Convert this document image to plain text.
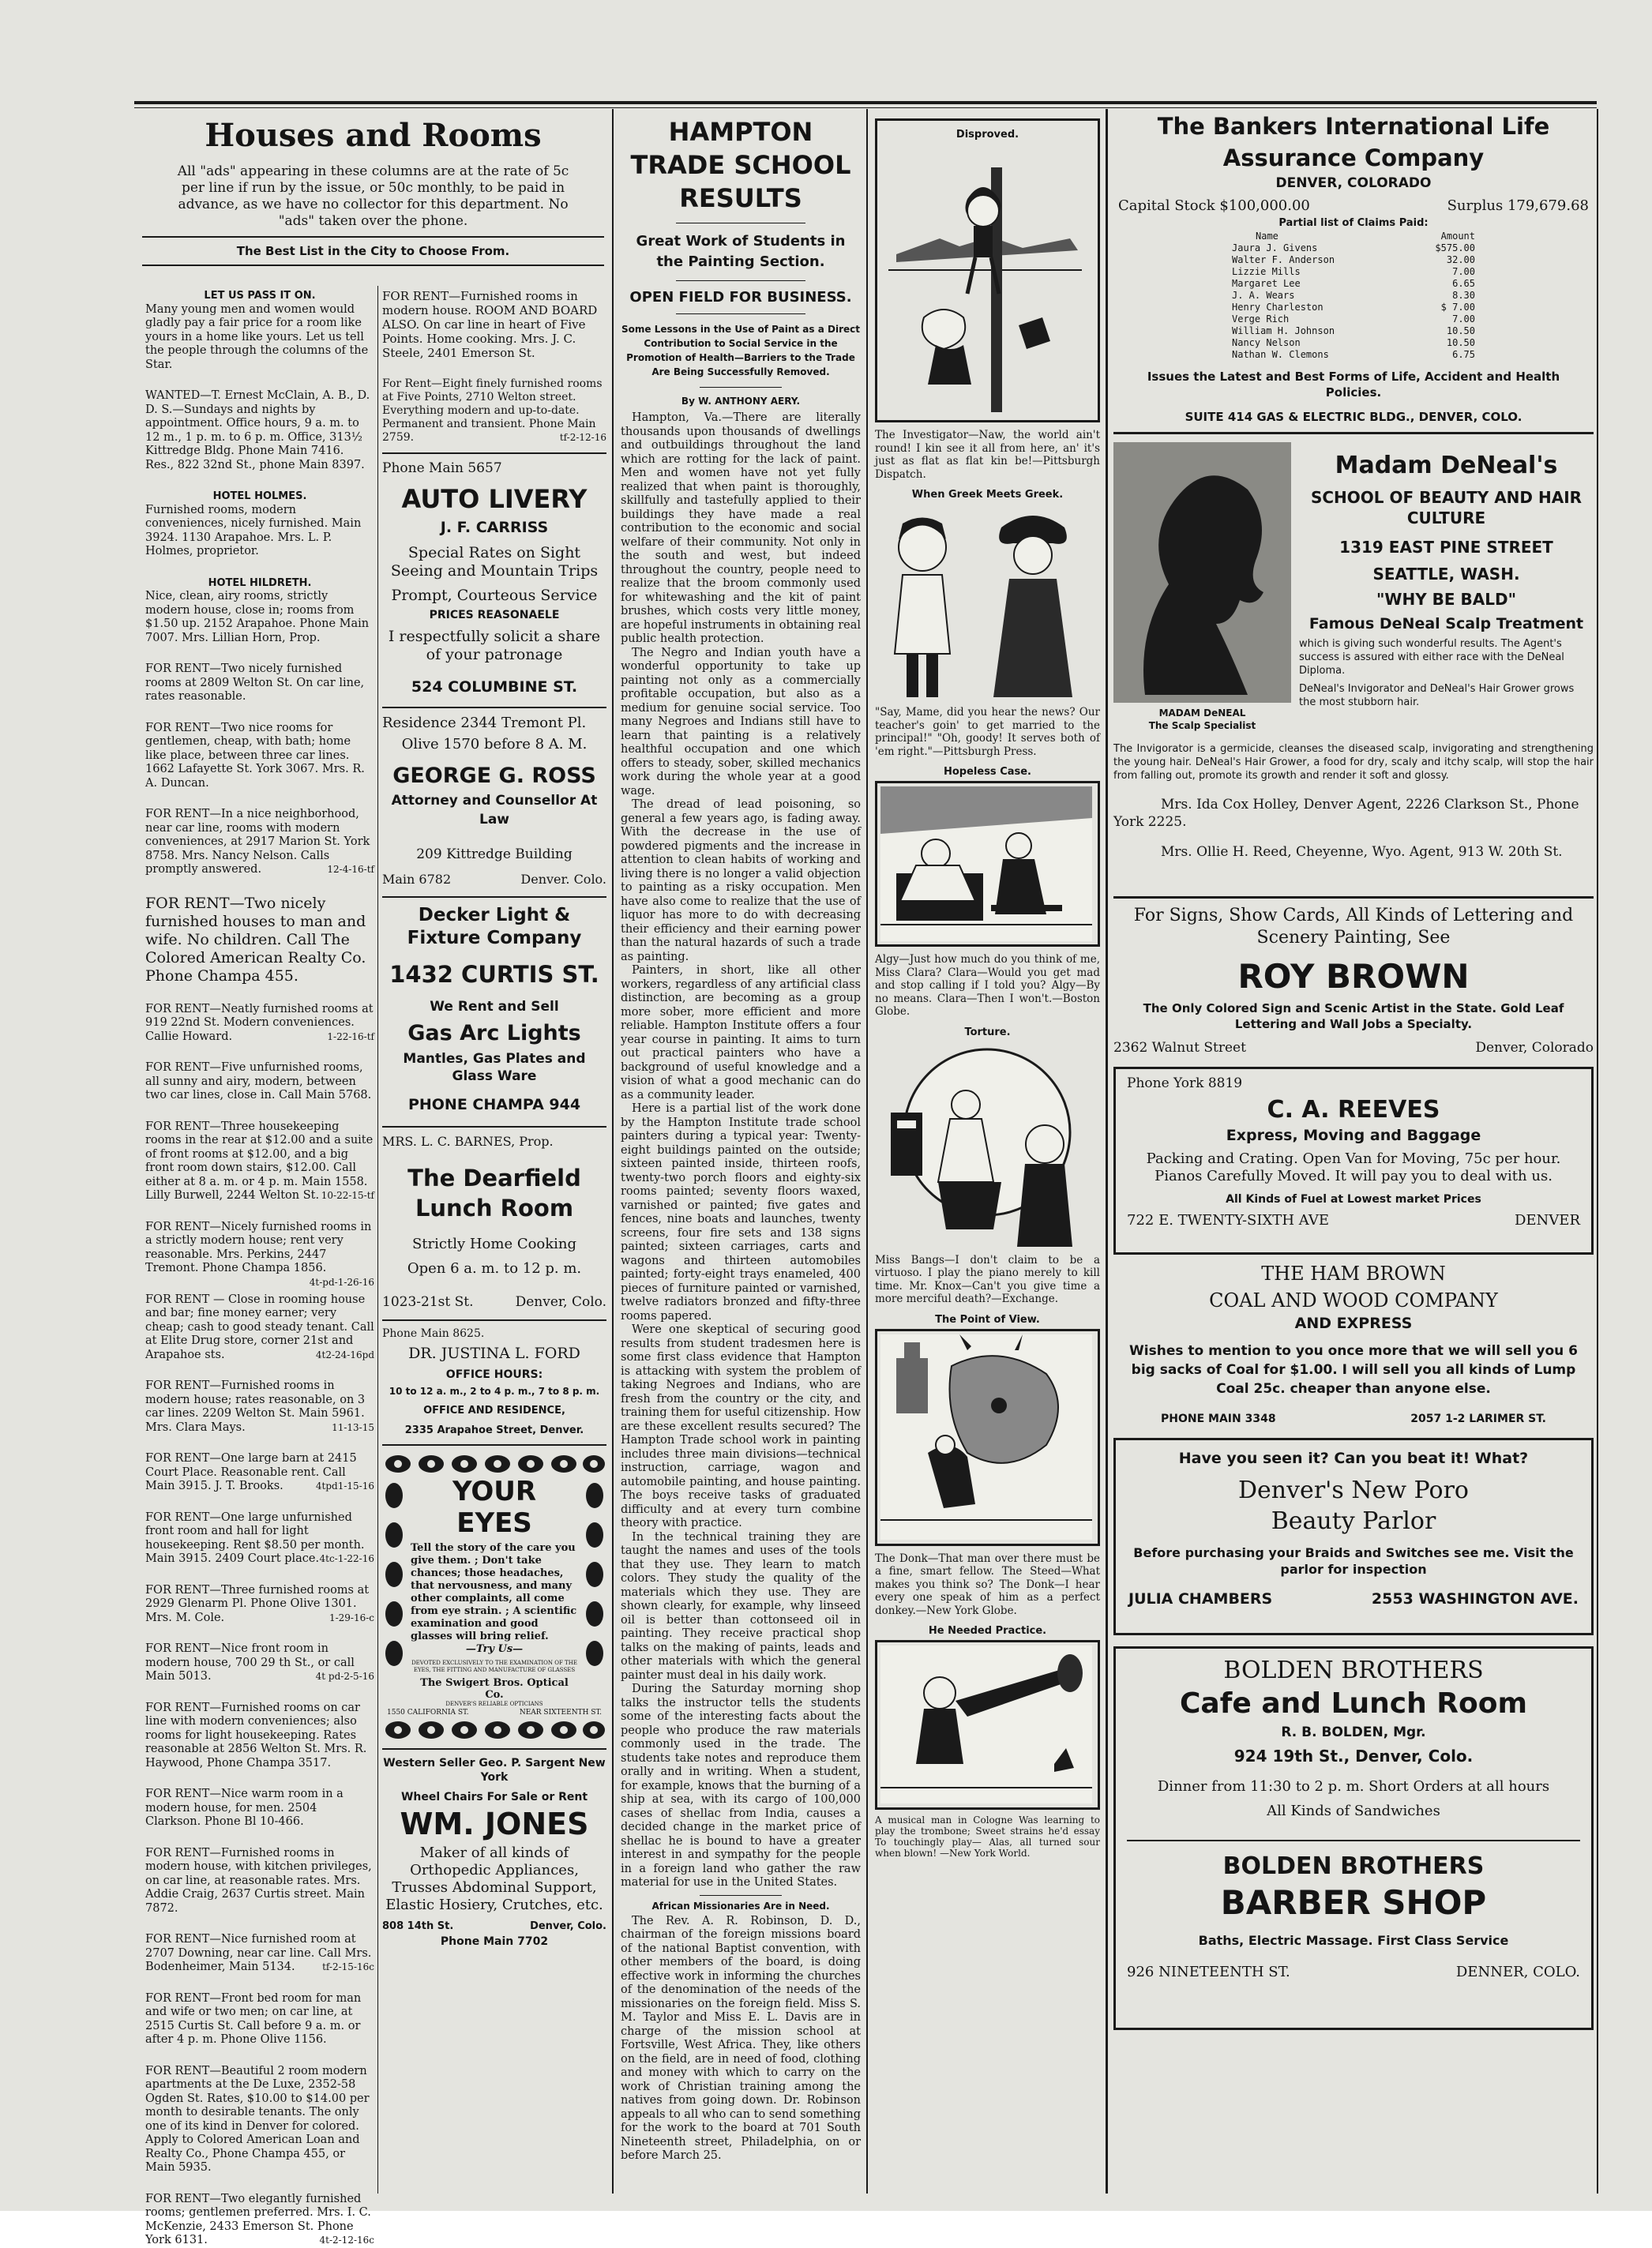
Houses and Rooms

All "ads" appearing in these columns are at the rate of 5c per line if run by the issue, or 50c monthly, to be paid in advance, as we have no collector for this department. No "ads" taken over the phone.

The Best List in the City to Choose From.
LET US PASS IT ON.
Many young men and women would gladly pay a fair price for a room like yours in a home like yours. Let us tell the people through the columns of the Star.
WANTED—T. Ernest McClain, A. B., D. D. S.—Sundays and nights by appointment. Office hours, 9 a. m. to 12 m., 1 p. m. to 6 p. m. Office, 313½ Kittredge Bldg. Phone Main 7416. Res., 822 32nd St., phone Main 8397.
HOTEL HOLMES.
Furnished rooms, modern conveniences, nicely furnished. Main 3924. 1130 Arapahoe. Mrs. L. P. Holmes, proprietor.
HOTEL HILDRETH.
Nice, clean, airy rooms, strictly modern house, close in; rooms from $1.50 up. 2152 Arapahoe. Phone Main 7007. Mrs. Lillian Horn, Prop.
FOR RENT—Two nicely furnished rooms at 2809 Welton St. On car line, rates reasonable.
FOR RENT—Two nice rooms for gentlemen, cheap, with bath; home like place, between three car lines. 1662 Lafayette St. York 3067. Mrs. R. A. Duncan.
FOR RENT—In a nice neighborhood, near car line, rooms with modern conveniences, at 2917 Marion St. York 8758. Mrs. Nancy Nelson. Calls promptly answered.	12-4-16-tf
FOR RENT—Two nicely furnished houses to man and wife. No children. Call The Colored American Realty Co. Phone Champa 455.
FOR RENT—Neatly furnished rooms at 919 22nd St. Modern conveniences. Callie Howard.	1-22-16-tf
FOR RENT—Five unfurnished rooms, all sunny and airy, modern, between two car lines, close in. Call Main 5768.
FOR RENT—Three housekeeping rooms in the rear at $12.00 and a suite of front rooms at $12.00, and a big front room down stairs, $12.00. Call either at 8 a. m. or 4 p. m. Main 1558. Lilly Burwell, 2244 Welton St. 10-22-15-tf
FOR RENT—Nicely furnished rooms in a strictly modern house; rent very reasonable. Mrs. Perkins, 2447 Tremont. Phone Champa 1856.
4t-pd-1-26-16
FOR RENT — Close in rooming house and bar; fine money earner; very cheap; cash to good steady tenant. Call at Elite Drug store, corner 21st and Arapahoe sts.	4t2-24-16pd
FOR RENT—Furnished rooms in modern house; rates reasonable, on 3 car lines. 2209 Welton St. Main 5961. Mrs. Clara Mays.	11-13-15
FOR RENT—One large barn at 2415 Court Place. Reasonable rent. Call Main 3915. J. T. Brooks.	4tpd1-15-16
FOR RENT—One large unfurnished front room and hall for light housekeeping. Rent $8.50 per month. Main 3915. 2409 Court place. 4tc-1-22-16
FOR RENT—Three furnished rooms at 2929 Glenarm Pl. Phone Olive 1301. Mrs. M. Cole.	1-29-16-c
FOR RENT—Nice front room in modern house, 700 29 th St., or call Main 5013.	4t pd-2-5-16
FOR RENT—Furnished rooms on car line with modern conveniences; also rooms for light housekeeping. Rates reasonable at 2856 Welton St. Mrs. R. Haywood, Phone Champa 3517.
FOR RENT—Nice warm room in a modern house, for men. 2504 Clarkson. Phone Bl 10-466.
FOR RENT—Furnished rooms in modern house, with kitchen privileges, on car line, at reasonable rates. Mrs. Addie Craig, 2637 Curtis street. Main 7872.
FOR RENT—Nice furnished room at 2707 Downing, near car line. Call Mrs. Bodenheimer, Main 5134.	tf-2-15-16c
FOR RENT—Front bed room for man and wife or two men; on car line, at 2515 Curtis St. Call before 9 a. m. or after 4 p. m. Phone Olive 1156.
FOR RENT—Beautiful 2 room modern apartments at the De Luxe, 2352-58 Ogden St. Rates, $10.00 to $14.00 per month to desirable tenants. The only one of its kind in Denver for colored. Apply to Colored American Loan and Realty Co., Phone Champa 455, or Main 5935.
FOR RENT—Two elegantly furnished rooms; gentlemen preferred. Mrs. I. C. McKenzie, 2433 Emerson St. Phone York 6131.	4t-2-12-16c
FOR RENT—Furnished rooms in modern house. ROOM AND BOARD ALSO. On car line in heart of Five Points. Home cooking. Mrs. J. C. Steele, 2401 Emerson St.
For Rent—Eight finely furnished rooms at Five Points, 2710 Welton street. Everything modern and up-to-date. Permanent and transient. Phone Main 2759.	tf-2-12-16
Phone Main 5657
AUTO LIVERY
J. F. CARRISS
Special Rates on Sight Seeing and Mountain Trips
Prompt, Courteous Service
PRICES REASONAELE
I respectfully solicit a share of your patronage
524 COLUMBINE ST.
Residence 2344 Tremont Pl.
Olive 1570 before 8 A. M.
GEORGE G. ROSS
Attorney and Counsellor At Law
209 Kittredge Building
Main 6782	Denver. Colo.
Decker Light & Fixture Company
1432 CURTIS ST.
We Rent and Sell
Gas Arc Lights
Mantles, Gas Plates and Glass Ware
PHONE CHAMPA 944
MRS. L. C. BARNES, Prop.
The Dearfield Lunch Room
Strictly Home Cooking
Open 6 a. m. to 12 p. m.
1023-21st St.	Denver, Colo.
Phone Main 8625.
DR. JUSTINA L. FORD
OFFICE HOURS:
10 to 12 a. m., 2 to 4 p. m., 7 to 8 p. m.
OFFICE AND RESIDENCE,
2335 Arapahoe Street, Denver.
YOUR EYES
Tell the story of the care you give them. ; Don't take chances; those headaches, that nervousness, and many other complaints, all come from eye strain. ; A scientific examination and good glasses will bring relief.
—Try Us—
DEVOTED EXCLUSIVELY TO THE EXAMINATION OF THE EYES, THE FITTING AND MANUFACTURE OF GLASSES
The Swigert Bros. Optical Co.
DENVER'S RELIABLE OPTICIANS
1550 CALIFORNIA ST.	NEAR SIXTEENTH ST.
Western Seller Geo. P. Sargent New York
Wheel Chairs For Sale or Rent
WM. JONES
Maker of all kinds of Orthopedic Appliances, Trusses Abdominal Support, Elastic Hosiery, Crutches, etc.
808 14th St.	Denver, Colo.
Phone Main 7702
HAMPTON TRADE SCHOOL RESULTS
Great Work of Students in the Painting Section.
OPEN FIELD FOR BUSINESS.
Some Lessons in the Use of Paint as a Direct Contribution to Social Service in the Promotion of Health—Barriers to the Trade Are Being Successfully Removed.
By W. ANTHONY AERY.

Hampton, Va.—There are literally thousands upon thousands of dwellings and outbuildings throughout the land which are rotting for the lack of paint. Men and women have not yet fully realized that when paint is thoroughly, skillfully and tastefully applied to their buildings they have made a real contribution to the economic and social welfare of their community. Not only in the south and west, but indeed throughout the country, people need to realize that the broom commonly used for whitewashing and the kit of paint brushes, which costs very little money, are hopeful instruments in obtaining real public health protection.

The Negro and Indian youth have a wonderful opportunity to take up painting not only as a commercially profitable occupation, but also as a medium for genuine social service. Too many Negroes and Indians still have to learn that painting is a relatively healthful occupation and one which offers to steady, sober, skilled mechanics work during the whole year at a good wage.

The dread of lead poisoning, so general a few years ago, is fading away. With the decrease in the use of powdered pigments and the increase in attention to clean habits of working and living there is no longer a valid objection to painting as a risky occupation. Men have also come to realize that the use of liquor has more to do with decreasing their efficiency and their earning power than the natural hazards of such a trade as painting.

Painters, in short, like all other workers, regardless of any artificial class distinction, are becoming as a group more sober, more efficient and more reliable. Hampton Institute offers a four year course in painting. It aims to turn out practical painters who have a background of useful knowledge and a vision of what a good mechanic can do as a community leader.

Here is a partial list of the work done by the Hampton Institute trade school painters during a typical year: Twenty-eight buildings painted on the outside; sixteen painted inside, thirteen roofs, twenty-two porch floors and eighty-six rooms painted; seventy floors waxed, varnished or painted; five gates and fences, nine boats and launches, twenty screens, four fire sets and 138 signs painted; sixteen carriages, carts and wagons and thirteen automobiles painted; forty-eight trays enameled, 400 pieces of furniture painted or varnished, twelve radiators bronzed and fifty-three rooms papered.

Were one skeptical of securing good results from student tradesmen here is some first class evidence that Hampton is attacking with system the problem of taking Negroes and Indians, who are fresh from the country or the city, and training them for useful citizenship. How are these excellent results secured? The Hampton Trade school work in painting includes three main divisions—technical instruction, carriage, wagon and automobile painting, and house painting. The boys receive tasks of graduated difficulty and at every turn combine theory with practice.

In the technical training they are taught the names and uses of the tools that they use. They learn to match colors. They study the quality of the materials which they use. They are shown clearly, for example, why linseed oil is better than cottonseed oil in painting. They receive practical shop talks on the making of paints, leads and other materials with which the general painter must deal in his daily work.

During the Saturday morning shop talks the instructor tells the students some of the interesting facts about the people who produce the raw materials commonly used in the trade. The students take notes and reproduce them orally and in writing. When a student, for example, knows that the burning of a ship at sea, with its cargo of 100,000 cases of shellac from India, causes a decided change in the market price of shellac he is bound to have a greater interest in and sympathy for the people in a foreign land who gather the raw material for use in the United States.

African Missionaries Are in Need.

The Rev. A. R. Robinson, D. D., chairman of the foreign missions board of the national Baptist convention, with other members of the board, is doing effective work in informing the churches of the denomination of the needs of the missionaries on the foreign field. Miss S. M. Taylor and Miss E. L. Davis are in charge of the mission school at Fortsville, West Africa. They, like others on the field, are in need of food, clothing and money with which to carry on the work of Christian training among the natives from going down. Dr. Robinson appeals to all who can to send something for the work to the board at 701 South Nineteenth street, Philadelphia, on or before March 25.

Disproved.

The Investigator—Naw, the world ain't round! I kin see it all from here, an' it's just as flat as flat kin be!—Pittsburgh Dispatch.

When Greek Meets Greek.

"Say, Mame, did you hear the news? Our teacher's goin' to get married to the principal!" "Oh, goody! It serves both of 'em right."—Pittsburgh Press.

Hopeless Case.

Algy—Just how much do you think of me, Miss Clara? Clara—Would you get mad and stop calling if I told you? Algy—By no means. Clara—Then I won't.—Boston Globe.

Torture.

Miss Bangs—I don't claim to be a virtuoso. I play the piano merely to kill time. Mr. Knox—Can't you give time a more merciful death?—Exchange.

The Point of View.

The Donk—That man over there must be a fine, smart fellow. The Steed—What makes you think so? The Donk—I hear every one speak of him as a perfect donkey.—New York Globe.

He Needed Practice.

A musical man in Cologne Was learning to play the trombone; Sweet strains he'd essay To touchingly play— Alas, all turned sour when blown! —New York World.

The Bankers International Life Assurance Company
DENVER, COLORADO
Capital Stock $100,000.00	Surplus 179,679.68
Partial list of Claims Paid:
Name	Amount
Jaura J. Givens	$575.00
Walter F. Anderson	32.00
Lizzie Mills	7.00
Margaret Lee	6.65
J. A. Wears	8.30
Henry Charleston	$ 7.00
Verge Rich	7.00
William H. Johnson	10.50
Nancy Nelson	10.50
Nathan W. Clemons	6.75
Issues the Latest and Best Forms of Life, Accident and Health Policies.
SUITE 414 GAS & ELECTRIC BLDG., DENVER, COLO.
MADAM DeNEAL
The Scalp Specialist
Madam DeNeal's
SCHOOL OF BEAUTY AND HAIR CULTURE
1319 EAST PINE STREET
SEATTLE, WASH.
"WHY BE BALD"
Famous DeNeal Scalp Treatment
which is giving such wonderful results. The Agent's success is assured with either race with the DeNeal Diploma.
DeNeal's Invigorator and DeNeal's Hair Grower grows the most stubborn hair.
The Invigorator is a germicide, cleanses the diseased scalp, invigorating and strengthening the young hair. DeNeal's Hair Grower, a food for dry, scaly and itchy scalp, will stop the hair from falling out, promote its growth and render it soft and glossy.
Mrs. Ida Cox Holley, Denver Agent, 2226 Clarkson St., Phone York 2225.
Mrs. Ollie H. Reed, Cheyenne, Wyo. Agent, 913 W. 20th St.
For Signs, Show Cards, All Kinds of Lettering and Scenery Painting, See
ROY BROWN
The Only Colored Sign and Scenic Artist in the State. Gold Leaf Lettering and Wall Jobs a Specialty.
2362 Walnut Street	Denver, Colorado
Phone York 8819
C. A. REEVES
Express, Moving and Baggage
Packing and Crating. Open Van for Moving, 75c per hour. Pianos Carefully Moved. It will pay you to deal with us.
All Kinds of Fuel at Lowest market Prices
722 E. TWENTY-SIXTH AVE	DENVER
THE HAM BROWN
COAL AND WOOD COMPANY
AND EXPRESS
Wishes to mention to you once more that we will sell you 6 big sacks of Coal for $1.00. I will sell you all kinds of Lump Coal 25c. cheaper than anyone else.
PHONE MAIN 3348	2057 1-2 LARIMER ST.
Have you seen it? Can you beat it! What?
Denver's New Poro
Beauty Parlor
Before purchasing your Braids and Switches see me. Visit the parlor for inspection
JULIA CHAMBERS	2553 WASHINGTON AVE.
BOLDEN BROTHERS
Cafe and Lunch Room
R. B. BOLDEN, Mgr.
924 19th St., Denver, Colo.
Dinner from 11:30 to 2 p. m. Short Orders at all hours
All Kinds of Sandwiches
BOLDEN BROTHERS
BARBER SHOP
Baths, Electric Massage. First Class Service
926 NINETEENTH ST.	DENNER, COLO.
